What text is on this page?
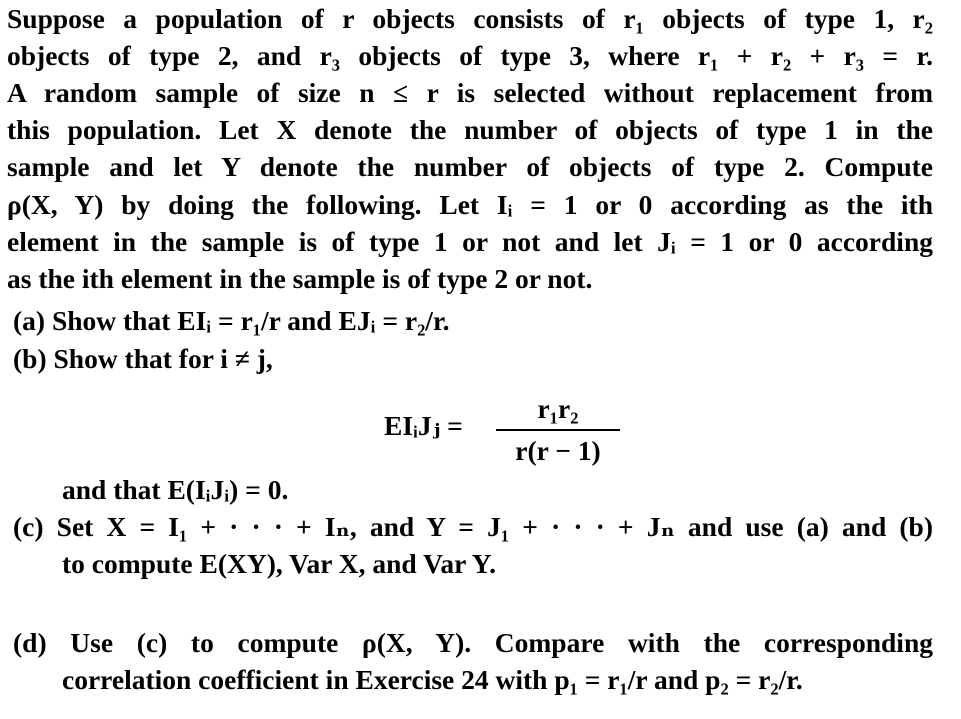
Suppose a population of r objects consists of r₁ objects of type 1, r₂
objects of type 2, and r₃ objects of type 3, where r₁ + r₂ + r₃ = r.
A random sample of size n ≤ r is selected without replacement from
this population. Let X denote the number of objects of type 1 in the
sample and let Y denote the number of objects of type 2. Compute
ρ(X, Y) by doing the following. Let Iᵢ = 1 or 0 according as the ith
element in the sample is of type 1 or not and let Jᵢ = 1 or 0 according
as the ith element in the sample is of type 2 or not.
(a) Show that EIᵢ = r₁/r and EJᵢ = r₂/r.
(b) Show that for i ≠ j,
EIᵢJⱼ =
r₁r₂
r(r − 1)
and that E(IᵢJᵢ) = 0.
(c) Set X = I₁ + · · · + Iₙ, and Y = J₁ + · · · + Jₙ and use (a) and (b)
to compute E(XY), Var X, and Var Y.
(d) Use (c) to compute ρ(X, Y). Compare with the corresponding
correlation coefficient in Exercise 24 with p₁ = r₁/r and p₂ = r₂/r.
